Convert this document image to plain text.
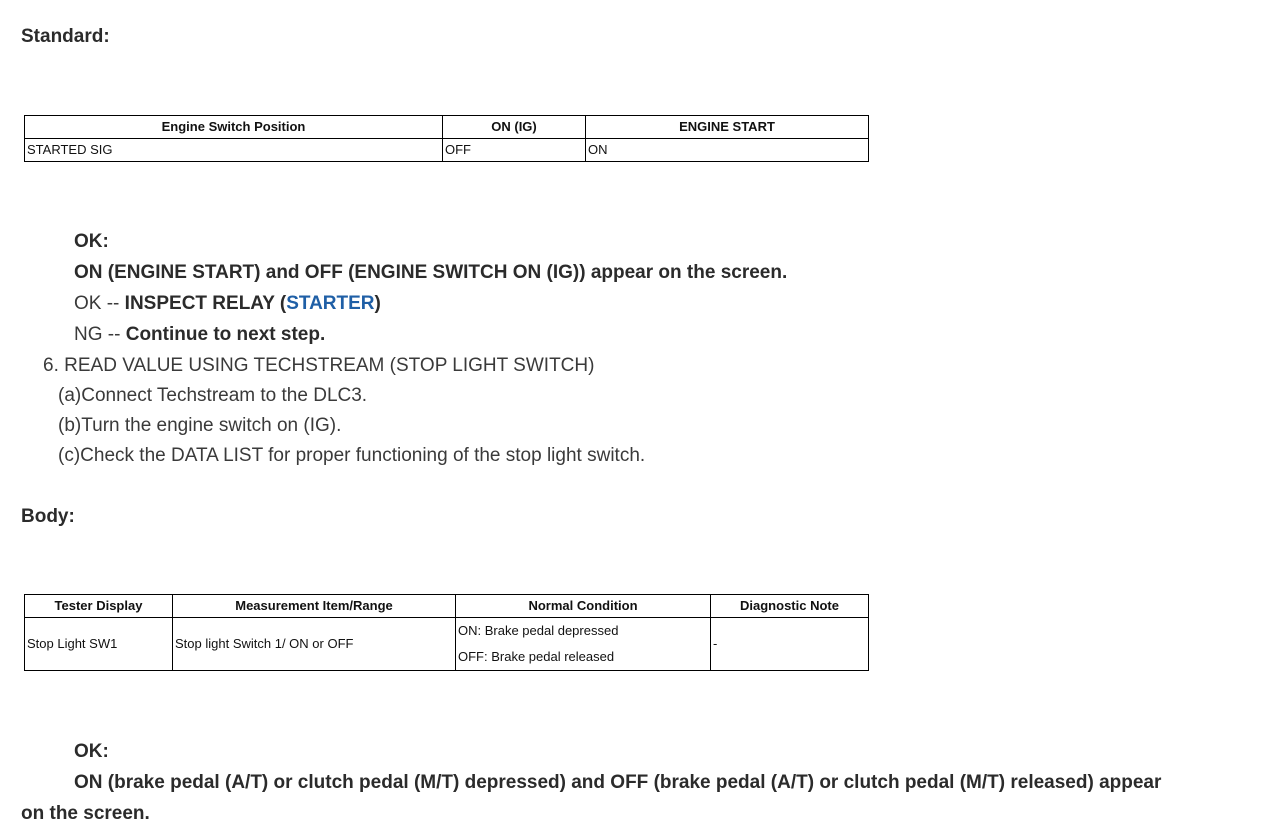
Standard:
Engine Switch Position	ON (IG)	ENGINE START
STARTED SIG	OFF	ON
OK:
ON (ENGINE START) and OFF (ENGINE SWITCH ON (IG)) appear on the screen.
OK -- INSPECT RELAY (STARTER)
NG -- Continue to next step.
6. READ VALUE USING TECHSTREAM (STOP LIGHT SWITCH)
(a)Connect Techstream to the DLC3.
(b)Turn the engine switch on (IG).
(c)Check the DATA LIST for proper functioning of the stop light switch.
Body:
Tester Display	Measurement Item/Range	Normal Condition	Diagnostic Note
Stop Light SW1	Stop light Switch 1/ ON or OFF	ON: Brake pedal depressed	-
		OFF: Brake pedal released	
OK:
ON (brake pedal (A/T) or clutch pedal (M/T) depressed) and OFF (brake pedal (A/T) or clutch pedal (M/T) released) appear
on the screen.
